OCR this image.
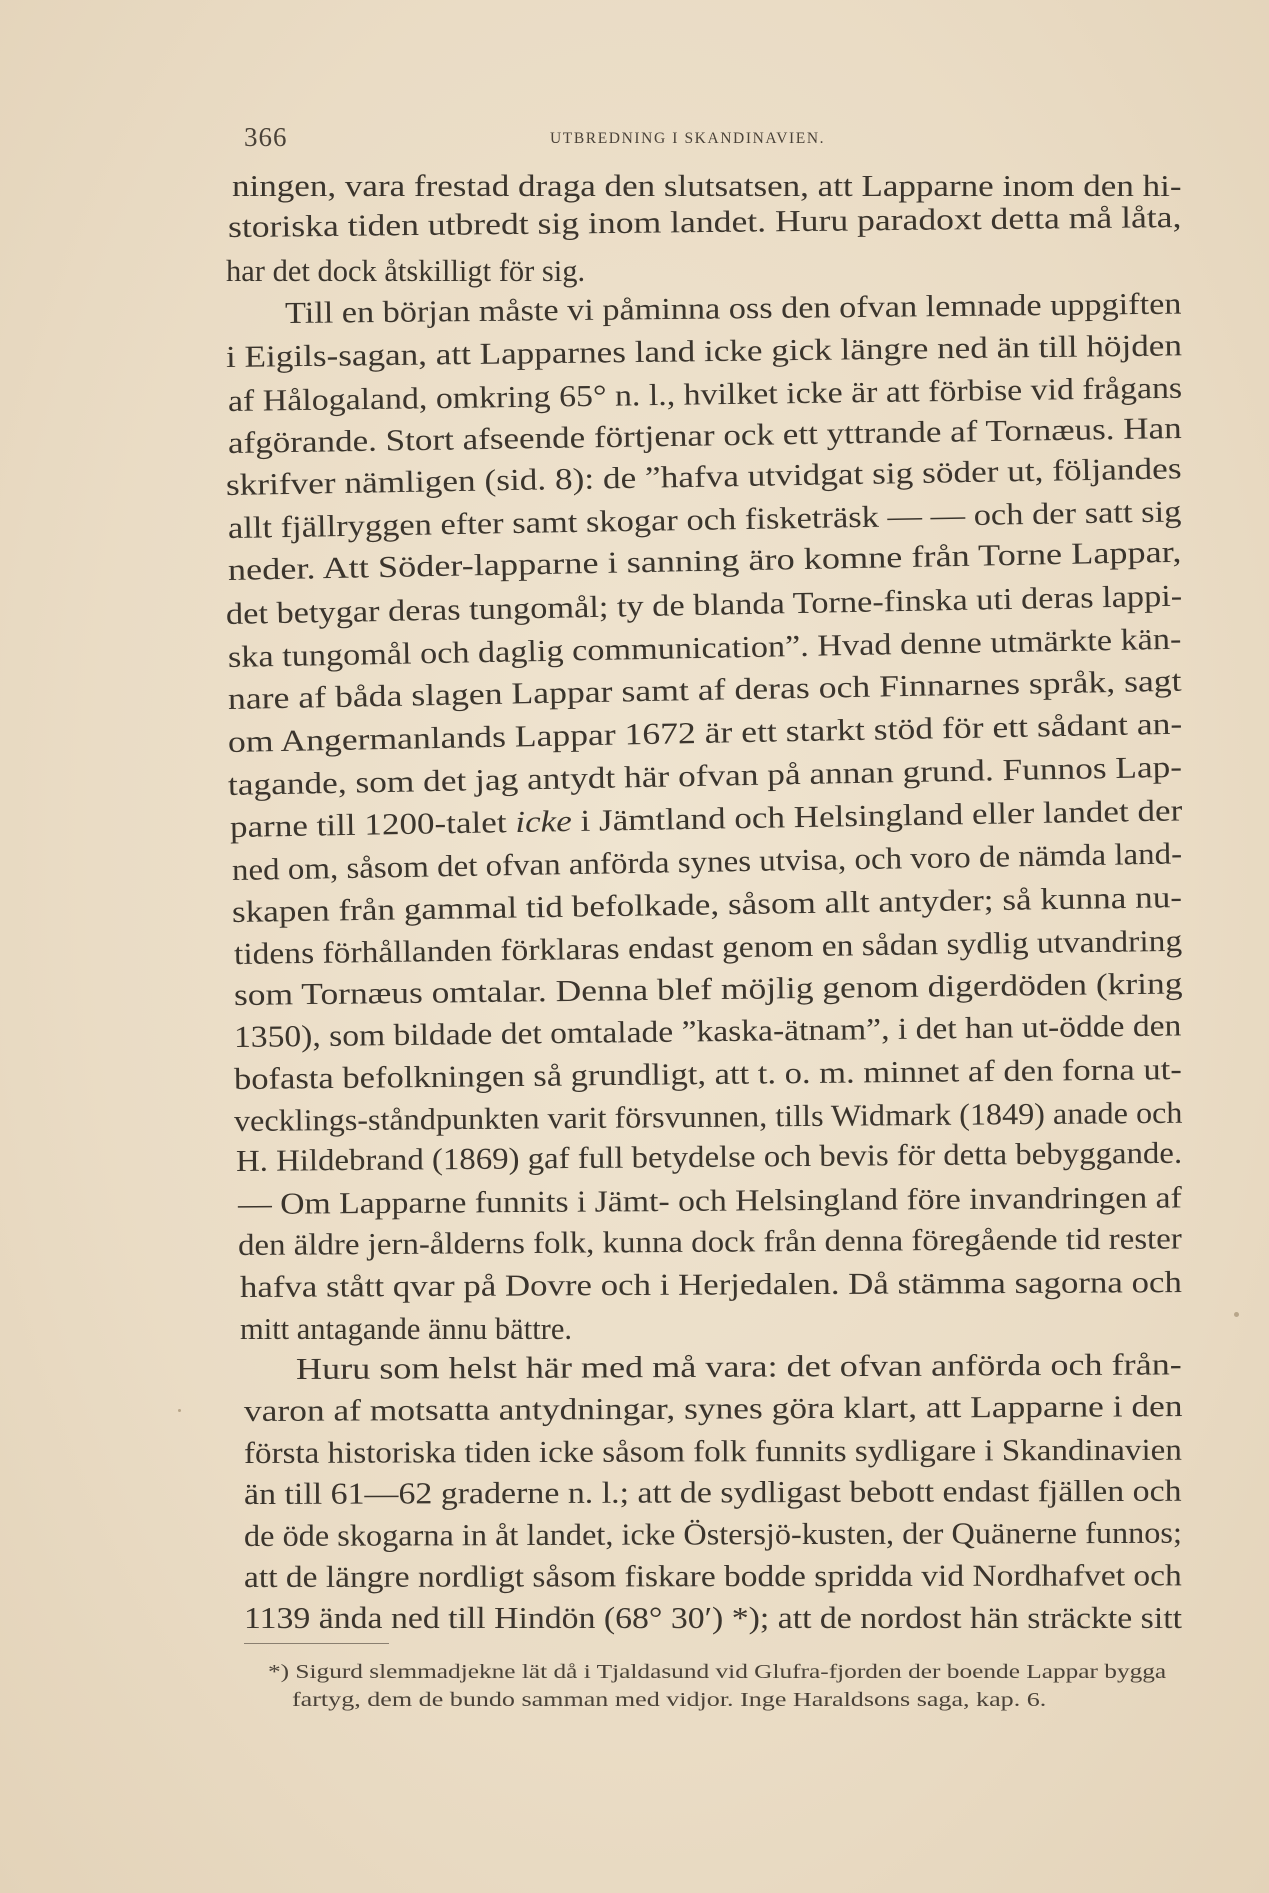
366	UTBREDNING I SKANDINAVIEN.
ningen, vara frestad draga den slutsatsen, att Lapparne inom den hi-
storiska tiden utbredt sig inom landet. Huru paradoxt detta må låta,
har det dock åtskilligt för sig.
Till en början måste vi påminna oss den ofvan lemnade uppgiften
i Eigils-sagan, att Lapparnes land icke gick längre ned än till höjden
af Hålogaland, omkring 65° n. l., hvilket icke är att förbise vid frågans
afgörande. Stort afseende förtjenar ock ett yttrande af Tornæus. Han
skrifver nämligen (sid. 8): de ”hafva utvidgat sig söder ut, följandes
allt fjällryggen efter samt skogar och fisketräsk — — och der satt sig
neder. Att Söder-lapparne i sanning äro komne från Torne Lappar,
det betygar deras tungomål; ty de blanda Torne-finska uti deras lappi-
ska tungomål och daglig communication”. Hvad denne utmärkte kän-
nare af båda slagen Lappar samt af deras och Finnarnes språk, sagt
om Angermanlands Lappar 1672 är ett starkt stöd för ett sådant an-
tagande, som det jag antydt här ofvan på annan grund. Funnos Lap-
parne till 1200-talet icke i Jämtland och Helsingland eller landet der
ned om, såsom det ofvan anförda synes utvisa, och voro de nämda land-
skapen från gammal tid befolkade, såsom allt antyder; så kunna nu-
tidens förhållanden förklaras endast genom en sådan sydlig utvandring
som Tornæus omtalar. Denna blef möjlig genom digerdöden (kring
1350), som bildade det omtalade ”kaska-ätnam”, i det han ut-ödde den
bofasta befolkningen så grundligt, att t. o. m. minnet af den forna ut-
vecklings-ståndpunkten varit försvunnen, tills Widmark (1849) anade och
H. Hildebrand (1869) gaf full betydelse och bevis för detta bebyggande.
— Om Lapparne funnits i Jämt- och Helsingland före invandringen af
den äldre jern-ålderns folk, kunna dock från denna föregående tid rester
hafva stått qvar på Dovre och i Herjedalen. Då stämma sagorna och
mitt antagande ännu bättre.
Huru som helst här med må vara: det ofvan anförda och från-
varon af motsatta antydningar, synes göra klart, att Lapparne i den
första historiska tiden icke såsom folk funnits sydligare i Skandinavien
än till 61—62 graderne n. l.; att de sydligast bebott endast fjällen och
de öde skogarna in åt landet, icke Östersjö-kusten, der Quänerne funnos;
att de längre nordligt såsom fiskare bodde spridda vid Nordhafvet och
1139 ända ned till Hindön (68° 30′) *); att de nordost hän sträckte sitt
*) Sigurd slemmadjekne lät då i Tjaldasund vid Glufra-fjorden der boende Lappar bygga
fartyg, dem de bundo samman med vidjor. Inge Haraldsons saga, kap. 6.
